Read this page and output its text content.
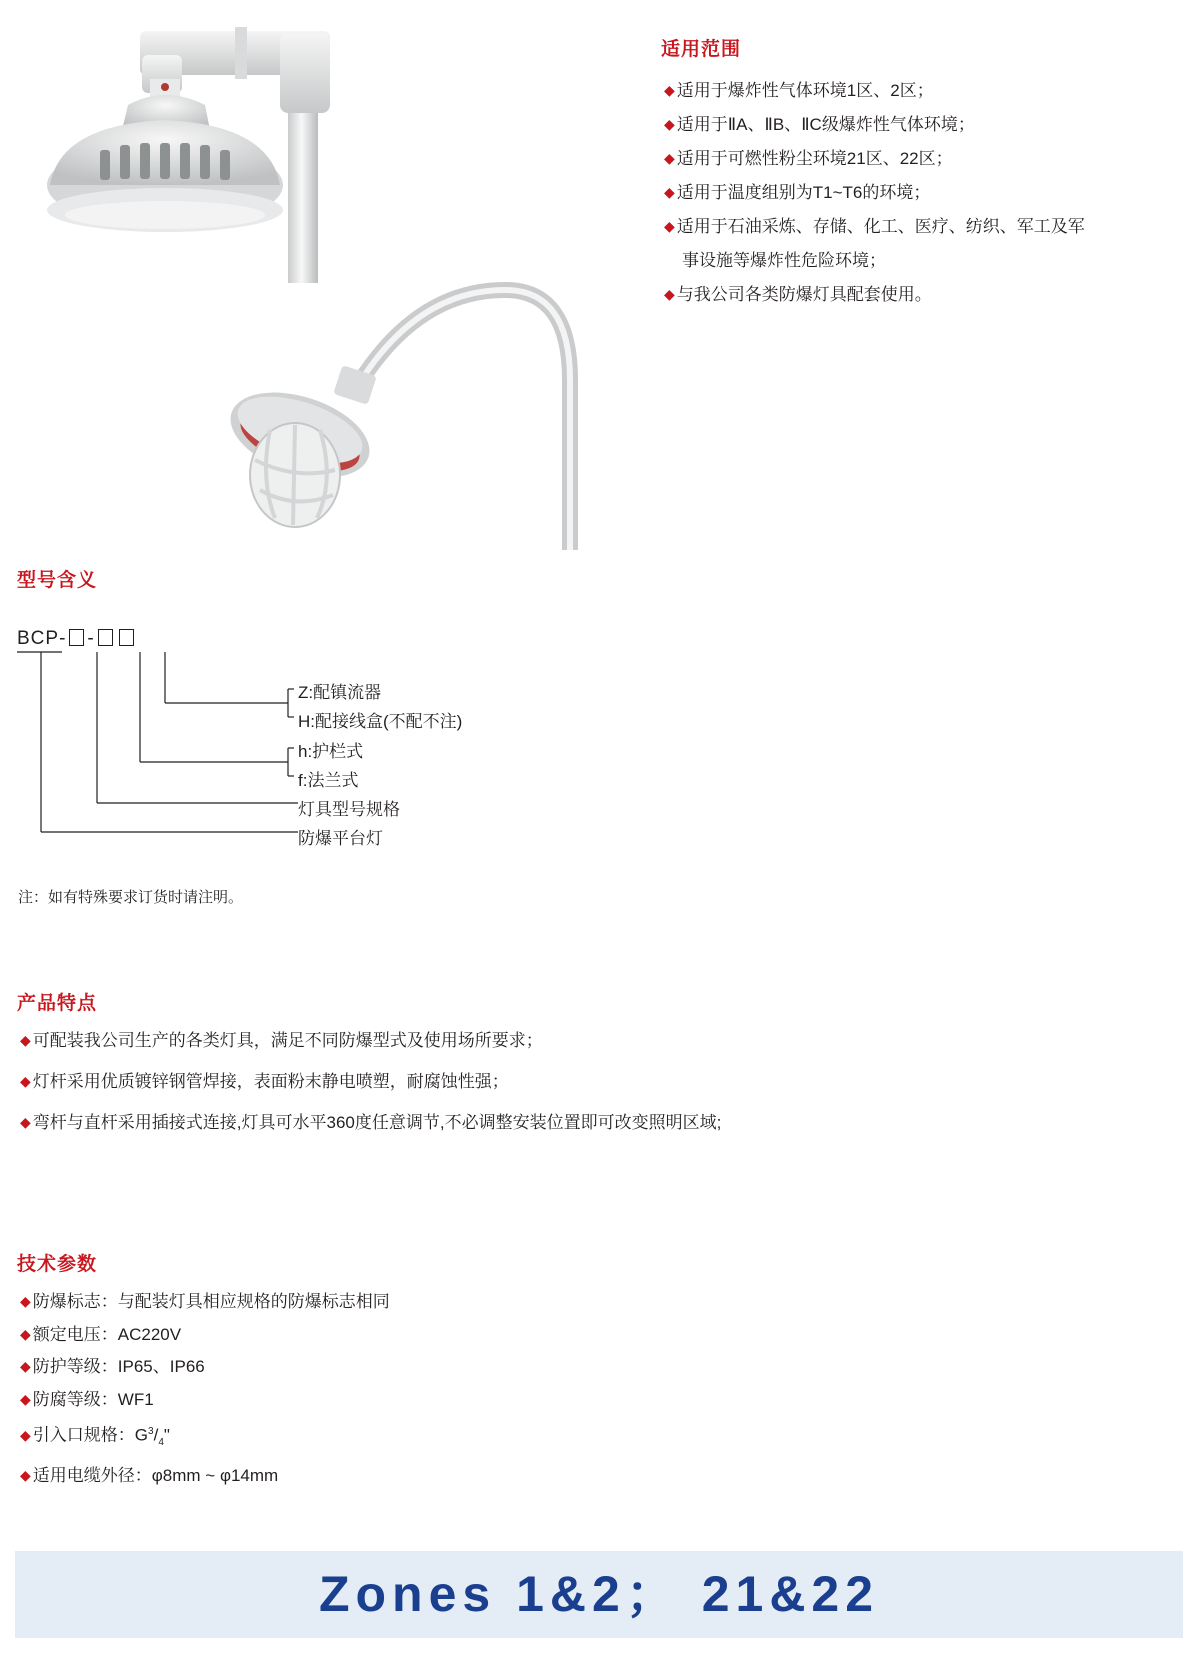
适用范围
◆ 适用于爆炸性气体环境1区、2区；
◆ 适用于ⅡA、ⅡB、ⅡC级爆炸性气体环境；
◆ 适用于可燃性粉尘环境21区、22区；
◆ 适用于温度组别为T1~T6的环境；
◆ 适用于石油采炼、存储、化工、医疗、纺织、军工及军
事设施等爆炸性危险环境；
◆ 与我公司各类防爆灯具配套使用。
型号含义
BCP- -
Z:配镇流器
H:配接线盒(不配不注)
h:护栏式
f:法兰式
灯具型号规格
防爆平台灯
注：如有特殊要求订货时请注明。
产品特点
◆ 可配装我公司生产的各类灯具，满足不同防爆型式及使用场所要求；
◆ 灯杆采用优质镀锌钢管焊接，表面粉末静电喷塑，耐腐蚀性强；
◆ 弯杆与直杆采用插接式连接,灯具可水平360度任意调节,不必调整安装位置即可改变照明区域;
技术参数
◆ 防爆标志：与配装灯具相应规格的防爆标志相同
◆ 额定电压：AC220V
◆ 防护等级：IP65、IP66
◆ 防腐等级：WF1
◆ 引入口规格：$G^3/_4$"
◆ 适用电缆外径：φ8mm ~ φ14mm
Zones 1&2； 21&22
